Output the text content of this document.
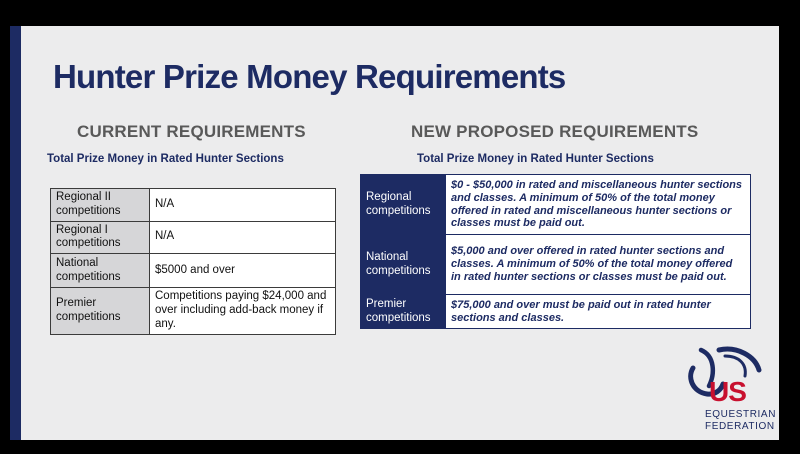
Hunter Prize Money Requirements
CURRENT REQUIREMENTS
Total Prize Money in Rated Hunter Sections
Regional II competitions	N/A
Regional I competitions	N/A
National competitions	$5000 and over
Premier competitions	Competitions paying $24,000 and over including add-back money if any.
NEW PROPOSED REQUIREMENTS
Total Prize Money in Rated Hunter Sections
Regional competitions	$0 - $50,000 in rated and miscellaneous hunter sections and classes. A minimum of 50% of the total money offered in rated and miscellaneous hunter sections or classes must be paid out.
National competitions	$5,000 and over offered in rated hunter sections and classes. A minimum of 50% of the total money offered in rated hunter sections or classes must be paid out.
Premier competitions	$75,000 and over must be paid out in rated hunter sections and classes.
US
EQUESTRIAN
FEDERATION
